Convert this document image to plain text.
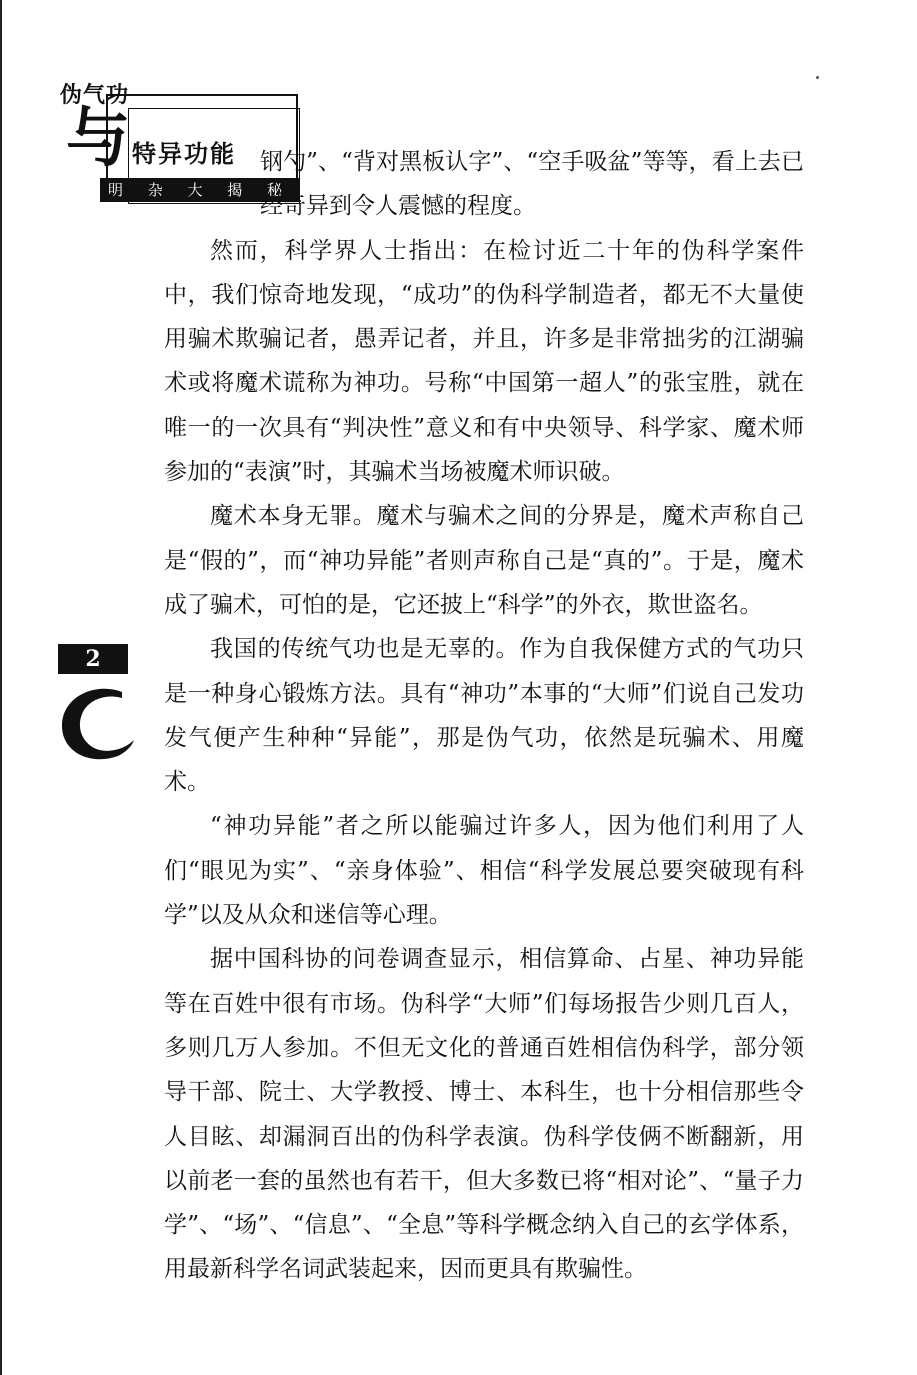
伪气功
与 特异功能
明 杂 大 揭 秘
2

钢勺”、“背对黑板认字”、“空手吸盆”等等，看上去已经奇异到令人震憾的程度。

然而，科学界人士指出：在检讨近二十年的伪科学案件中，我们惊奇地发现，“成功”的伪科学制造者，都无不大量使用骗术欺骗记者，愚弄记者，并且，许多是非常拙劣的江湖骗术或将魔术谎称为神功。号称“中国第一超人”的张宝胜，就在唯一的一次具有“判决性”意义和有中央领导、科学家、魔术师参加的“表演”时，其骗术当场被魔术师识破。

魔术本身无罪。魔术与骗术之间的分界是，魔术声称自己是“假的”，而“神功异能”者则声称自己是“真的”。于是，魔术成了骗术，可怕的是，它还披上“科学”的外衣，欺世盗名。

我国的传统气功也是无辜的。作为自我保健方式的气功只是一种身心锻炼方法。具有“神功”本事的“大师”们说自己发功发气便产生种种“异能”，那是伪气功，依然是玩骗术、用魔术。

“神功异能”者之所以能骗过许多人，因为他们利用了人们“眼见为实”、“亲身体验”、相信“科学发展总要突破现有科学”以及从众和迷信等心理。

据中国科协的问卷调查显示，相信算命、占星、神功异能等在百姓中很有市场。伪科学“大师”们每场报告少则几百人，多则几万人参加。不但无文化的普通百姓相信伪科学，部分领导干部、院士、大学教授、博士、本科生，也十分相信那些令人目眩、却漏洞百出的伪科学表演。伪科学伎俩不断翻新，用以前老一套的虽然也有若干，但大多数已将“相对论”、“量子力学”、“场”、“信息”、“全息”等科学概念纳入自己的玄学体系，用最新科学名词武装起来，因而更具有欺骗性。
